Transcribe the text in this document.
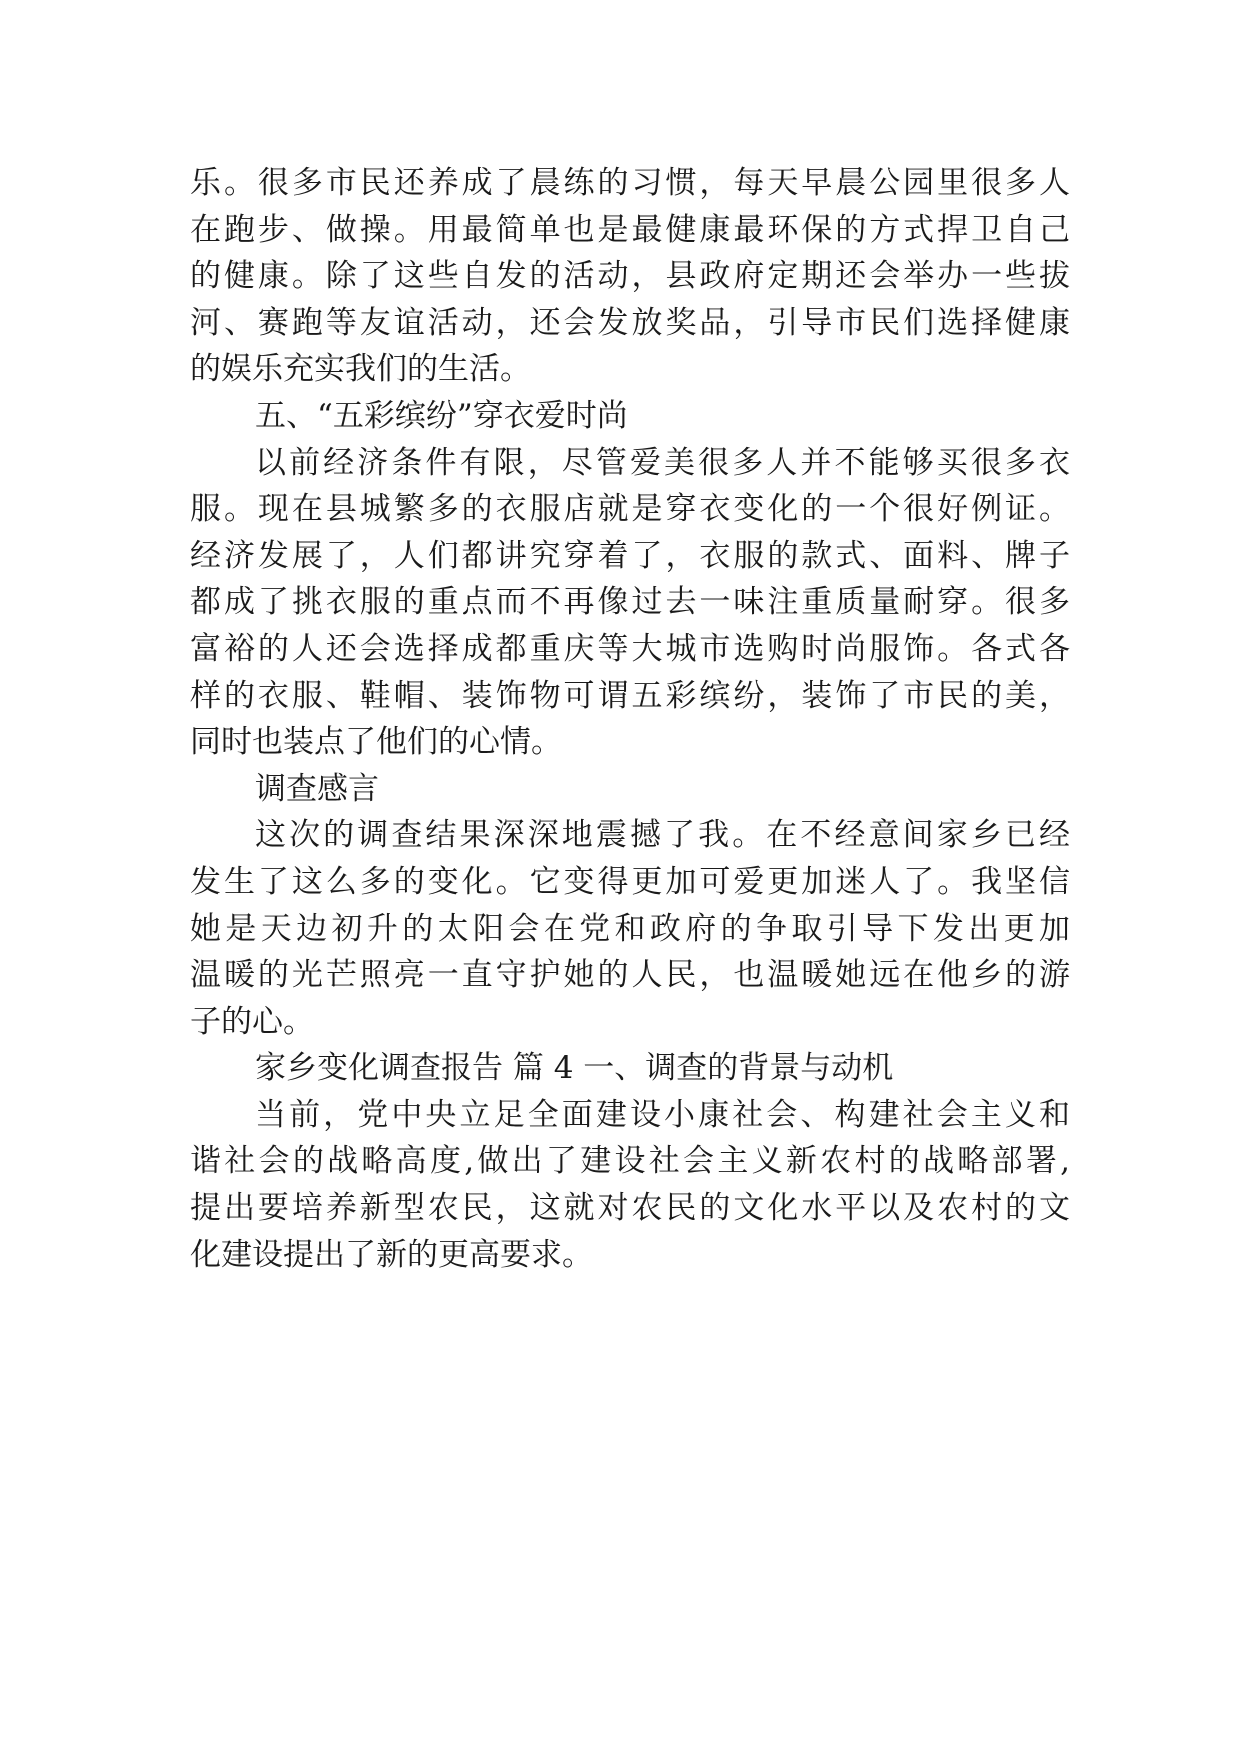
乐。很多市民还养成了晨练的习惯，每天早晨公园里很多人
在跑步、做操。用最简单也是最健康最环保的方式捍卫自己
的健康。除了这些自发的活动，县政府定期还会举办一些拔
河、赛跑等友谊活动，还会发放奖品，引导市民们选择健康
的娱乐充实我们的生活。
五、“五彩缤纷”穿衣爱时尚
以前经济条件有限，尽管爱美很多人并不能够买很多衣
服。现在县城繁多的衣服店就是穿衣变化的一个很好例证。
经济发展了，人们都讲究穿着了，衣服的款式、面料、牌子
都成了挑衣服的重点而不再像过去一味注重质量耐穿。很多
富裕的人还会选择成都重庆等大城市选购时尚服饰。各式各
样的衣服、鞋帽、装饰物可谓五彩缤纷，装饰了市民的美，
同时也装点了他们的心情。
调查感言
这次的调查结果深深地震撼了我。在不经意间家乡已经
发生了这么多的变化。它变得更加可爱更加迷人了。我坚信
她是天边初升的太阳会在党和政府的争取引导下发出更加
温暖的光芒照亮一直守护她的人民，也温暖她远在他乡的游
子的心。
家乡变化调查报告 篇 4 一、调查的背景与动机
当前，党中央立足全面建设小康社会、构建社会主义和
谐社会的战略高度,做出了建设社会主义新农村的战略部署,
提出要培养新型农民，这就对农民的文化水平以及农村的文
化建设提出了新的更高要求。
